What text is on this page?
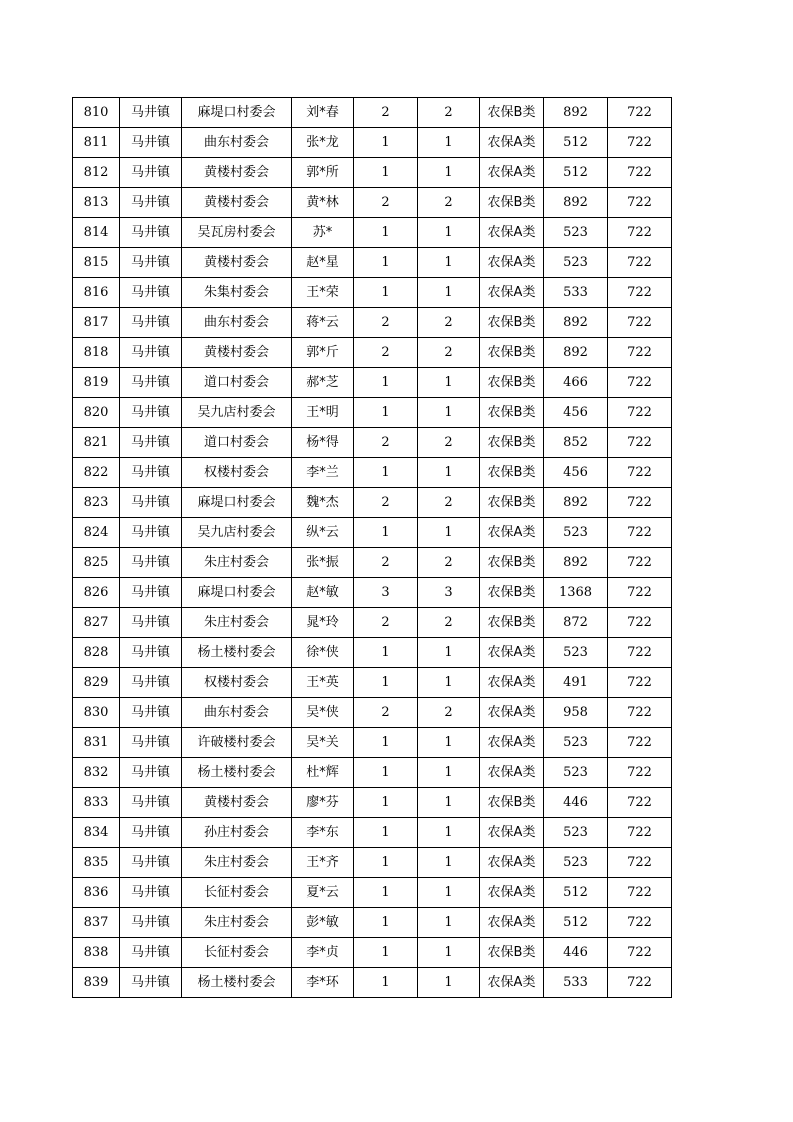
810	马井镇	麻堤口村委会	刘*春	2	2	农保B类	892	722
811	马井镇	曲东村委会	张*龙	1	1	农保A类	512	722
812	马井镇	黄楼村委会	郭*所	1	1	农保A类	512	722
813	马井镇	黄楼村委会	黄*林	2	2	农保B类	892	722
814	马井镇	吴瓦房村委会	苏*	1	1	农保A类	523	722
815	马井镇	黄楼村委会	赵*星	1	1	农保A类	523	722
816	马井镇	朱集村委会	王*荣	1	1	农保A类	533	722
817	马井镇	曲东村委会	蒋*云	2	2	农保B类	892	722
818	马井镇	黄楼村委会	郭*斤	2	2	农保B类	892	722
819	马井镇	道口村委会	郝*芝	1	1	农保B类	466	722
820	马井镇	吴九店村委会	王*明	1	1	农保B类	456	722
821	马井镇	道口村委会	杨*得	2	2	农保B类	852	722
822	马井镇	权楼村委会	李*兰	1	1	农保B类	456	722
823	马井镇	麻堤口村委会	魏*杰	2	2	农保B类	892	722
824	马井镇	吴九店村委会	纵*云	1	1	农保A类	523	722
825	马井镇	朱庄村委会	张*振	2	2	农保B类	892	722
826	马井镇	麻堤口村委会	赵*敏	3	3	农保B类	1368	722
827	马井镇	朱庄村委会	晁*玲	2	2	农保B类	872	722
828	马井镇	杨土楼村委会	徐*侠	1	1	农保A类	523	722
829	马井镇	权楼村委会	王*英	1	1	农保A类	491	722
830	马井镇	曲东村委会	吴*侠	2	2	农保A类	958	722
831	马井镇	许破楼村委会	吴*关	1	1	农保A类	523	722
832	马井镇	杨土楼村委会	杜*辉	1	1	农保A类	523	722
833	马井镇	黄楼村委会	廖*芬	1	1	农保B类	446	722
834	马井镇	孙庄村委会	李*东	1	1	农保A类	523	722
835	马井镇	朱庄村委会	王*齐	1	1	农保A类	523	722
836	马井镇	长征村委会	夏*云	1	1	农保A类	512	722
837	马井镇	朱庄村委会	彭*敏	1	1	农保A类	512	722
838	马井镇	长征村委会	李*贞	1	1	农保B类	446	722
839	马井镇	杨土楼村委会	李*环	1	1	农保A类	533	722
